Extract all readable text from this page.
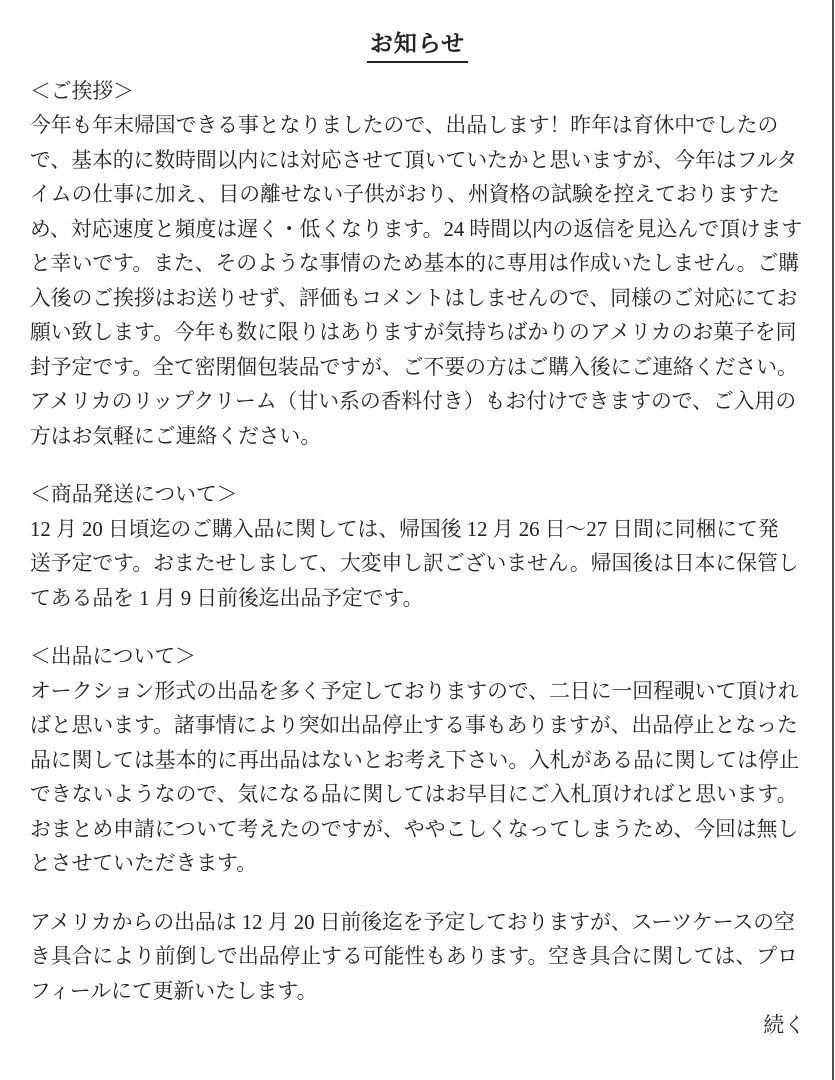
お知らせ
＜ご挨拶＞
今年も年末帰国できる事となりましたので、出品します！昨年は育休中でしたの
で、基本的に数時間以内には対応させて頂いていたかと思いますが、今年はフルタ
イムの仕事に加え、目の離せない子供がおり、州資格の試験を控えておりますた
め、対応速度と頻度は遅く・低くなります。24 時間以内の返信を見込んで頂けます
と幸いです。また、そのような事情のため基本的に専用は作成いたしません。ご購
入後のご挨拶はお送りせず、評価もコメントはしませんので、同様のご対応にてお
願い致します。今年も数に限りはありますが気持ちばかりのアメリカのお菓子を同
封予定です。全て密閉個包装品ですが、ご不要の方はご購入後にご連絡ください。
アメリカのリップクリーム（甘い系の香料付き）もお付けできますので、ご入用の
方はお気軽にご連絡ください。
＜商品発送について＞
12 月 20 日頃迄のご購入品に関しては、帰国後 12 月 26 日～27 日間に同梱にて発
送予定です。おまたせしまして、大変申し訳ございません。帰国後は日本に保管し
てある品を 1 月 9 日前後迄出品予定です。
＜出品について＞
オークション形式の出品を多く予定しておりますので、二日に一回程覗いて頂けれ
ばと思います。諸事情により突如出品停止する事もありますが、出品停止となった
品に関しては基本的に再出品はないとお考え下さい。入札がある品に関しては停止
できないようなので、気になる品に関してはお早目にご入札頂ければと思います。
おまとめ申請について考えたのですが、ややこしくなってしまうため、今回は無し
とさせていただきます。
アメリカからの出品は 12 月 20 日前後迄を予定しておりますが、スーツケースの空
き具合により前倒しで出品停止する可能性もあります。空き具合に関しては、プロ
フィールにて更新いたします。
続く
